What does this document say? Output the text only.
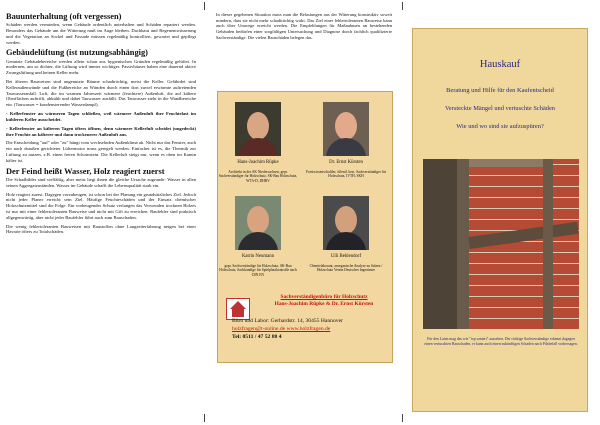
Bauunterhaltung (oft vergessen)

Schäden werden vermieden, wenn Gebäude ordentlich unterhalten und Schäden repariert werden. Besonders das Gebäude um die Witterung muß im Auge bleiben. Dachhaut und Regenentwässerung und die Vegetation an Sockel und Fassade müssen regelmäßig kontrolliert, gewartet und gepflegt werden.

Gebäudelüftung (ist nutzungsabhängig)

Genutzte Gebäudebereiche werden allein schon aus hygienischen Gründen regelmäßig gelüftet. In modernen, um so dichter, die Lüftung wird immer wichtiger. Passivhäuser haben eine dauernd aktive Zwangslüftung und keinen Keller mehr.

Bei älteren Bauweisen sind ungenutzte Räume schadträchtig, meist die Keller. Gefährdet sind Kelleraußenwände und die Fußbereiche an Wänden durch einen dort zuviel erwärmte auftretenden Tauwasseranfall. Luft, die im warmen Jahreszeit wärmere (feuchtere) Außenluft, die auf kältere Oberflächen auftrifft, abkühlt und dabei Tauwasser ausfällt. Das Tauwasser zieht in die Wandbereiche ein. (Tauwasser = kondensierender Wasserdampf).

- Kellerfenster an wärmeren Tagen schließen, weil wärmere Außenluft ihre Feuchtelast im kühleren Keller ausscheidet.

- Kellerfenster an kälteren Tagen öfters öffnen, denn wärmere Kellerluft scheidet (ungedeckt) ihre Feuchte an kälterer und dann trockenerer Außenluft aus.

Die Entscheidung "auf" oder "zu" hängt vom wechselnden Außenklima ab. Nicht nur das Fenster, auch ein nach draußen gerichteter Lüftermotor muss geregelt werden. Einfacher ist es, die Thermik zur Lüftung zu nutzen, z.B. einen freien Schornstein. Die Kellerluft steigt nur, wenn es oben im Kamin kälter ist.

Der Feind heißt Wasser, Holz reagiert zuerst

Die Schadbilder sind vielfältig, aber meist liegt ihnen die gleiche Ursache zugrunde: Wasser in allen seinen Aggregatzuständen. Wasser im Gebäude schafft die Lebensqualität stark ein.

Holz reagiert zuerst. Dagegen vorzubeugen, ist schon bei der Planung ein grundsätzliches Ziel. Jedoch nicht jeder Planer erreicht sein Ziel. Häufige Feuchteschäden und der Einsatz chemischer Holzschutzmittel sind die Folge. Ein vorbeugender Schutz verlangen das Verwenden trocknen Holzes ist nur mit einer fehlertoleranten Bauweise und nicht mit Gift zu erreichen. Baufehler sind praktisch allgegenwärtig, aber nicht jeder Baufehler führt auch zum Bauschaden.

Die wenig fehlertoleranten Bauweisen mit Baustoffen ohne Langzeiterfahrung neigen bei einer Havarie öfters zu Totalschäden.

In dieser gegebenen Situation muss man die Belastungen aus der Witterung konstruktiv soweit mindern, dass sie nicht mehr schadträchtig wirkt. Das Ziel einer fehlertoleranten Bauweise kann auch über Umwege erreicht werden. Die Empfehlungen für Maßnahmen an bestehenden Gebäuden bedürfen einer sorgfältigen Untersuchung und Diagnose durch fachlich qualifizierte Sachverständige. Die vielen Bauschäden belegen das.

Hans-Joachim Rüpke
Architekt in der AK Niedersachsen, gepr. Sachverständiger für Holzschutz, SK-Bau Holzschutz, WTA-D, DHBV
Dr. Ernst Kürsten
Forstwissenschaftler, öffentl. best. Sachverständiger für Holzschutz, IVTH, SKH
Katrin Neumann
gepr. Sachverständige für Holzschutz, SK-Bau Holzschutz, Sachkundige für Spielplatzkontrolle nach DIN EN
Ulli Behlendorf
Chemielaborant, anorganische Analyse zu Salzen / Holzschutz Verein Deutscher Ingenieure
Sachverständigenbüro für Holzschutz
Hans-Joachim Rüpke & Dr. Ernst Kürsten
Büro und Labor: Gerhardstr. 14, 30455 Hannover
holzfragen@t-online.de www.holzfragen.de
Tel: 0511 / 47 52 88 4
Hauskauf
Beratung und Hilfe für den Kaufentscheid
Versteckte Mängel und vertuschte Schäden
Wie und wo sind sie aufzuspüren?
Für den Laien mag das wie "top saniert" aussehen. Der richtige Sachverständige erkennt dagegen einen vertuschten Bauschaden, er kann auch einen zukünftigen Schaden nach Pilzbefall vorhersagen.
